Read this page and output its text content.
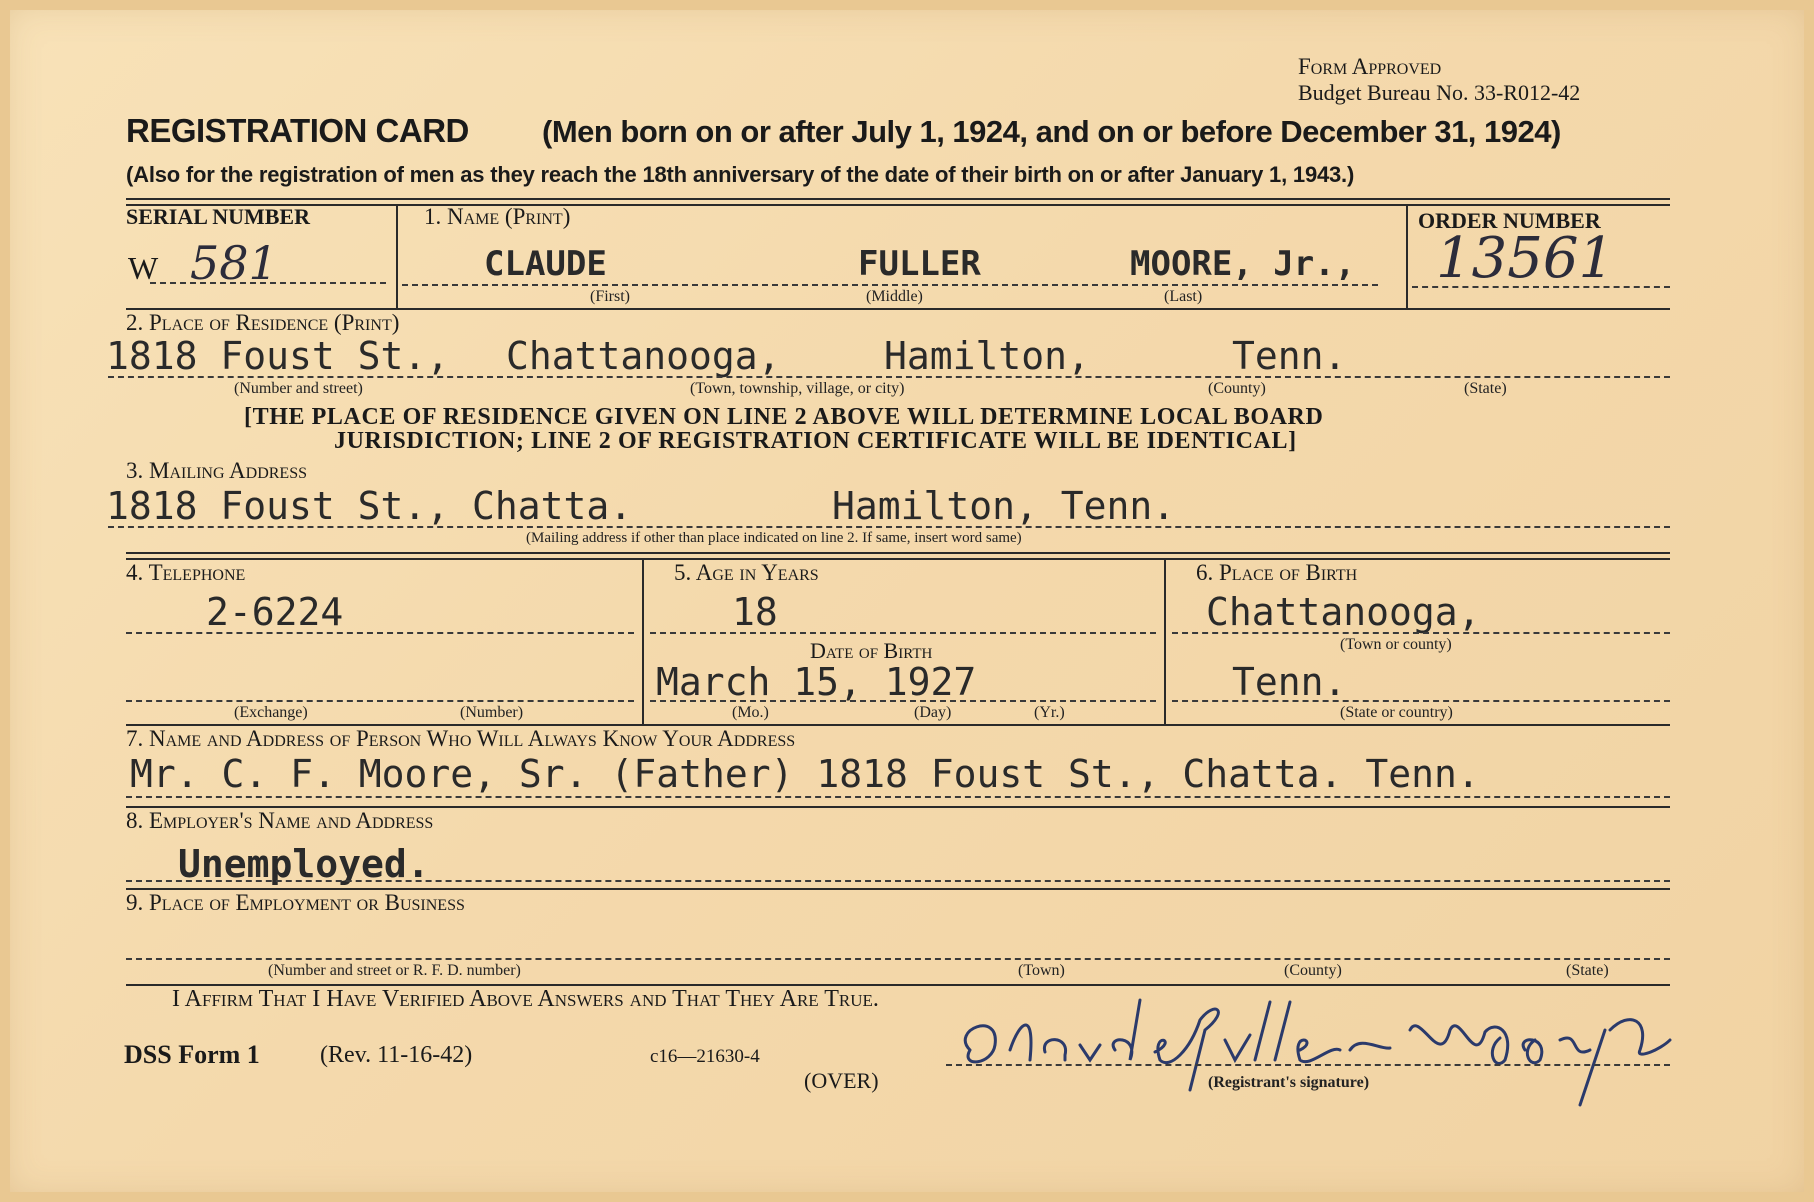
Form Approved
Budget Bureau No. 33-R012-42
REGISTRATION CARD (Men born on or after July 1, 1924, and on or before December 31, 1924)
(Also for the registration of men as they reach the 18th anniversary of the date of their birth on or after January 1, 1943.)
SERIAL NUMBER
W 581
1. Name (Print)
CLAUDE	FULLER	MOORE, Jr.,
(First)	(Middle)	(Last)
ORDER NUMBER
13561
2. Place of Residence (Print)
1818 Foust St., Chattanooga,	Hamilton,	Tenn.
(Number and street)	(Town, township, village, or city)	(County)	(State)
[THE PLACE OF RESIDENCE GIVEN ON LINE 2 ABOVE WILL DETERMINE LOCAL BOARD
JURISDICTION; LINE 2 OF REGISTRATION CERTIFICATE WILL BE IDENTICAL]
3. Mailing Address
1818 Foust St., Chatta.	Hamilton, Tenn.
(Mailing address if other than place indicated on line 2. If same, insert word same)
4. Telephone
2-6224
(Exchange)	(Number)
5. Age in Years
18
Date of Birth
March 15, 1927
(Mo.)	(Day)	(Yr.)
6. Place of Birth
Chattanooga,
(Town or county)
Tenn.
(State or country)
7. Name and Address of Person Who Will Always Know Your Address
Mr. C. F. Moore, Sr. (Father) 1818 Foust St., Chatta. Tenn.
8. Employer's Name and Address
Unemployed.
9. Place of Employment or Business
(Number and street or R. F. D. number)	(Town)	(County)	(State)
I Affirm That I Have Verified Above Answers and That They Are True.
DSS Form 1	(Rev. 11-16-42)	c16—21630-4
(OVER)	(Registrant's signature)
